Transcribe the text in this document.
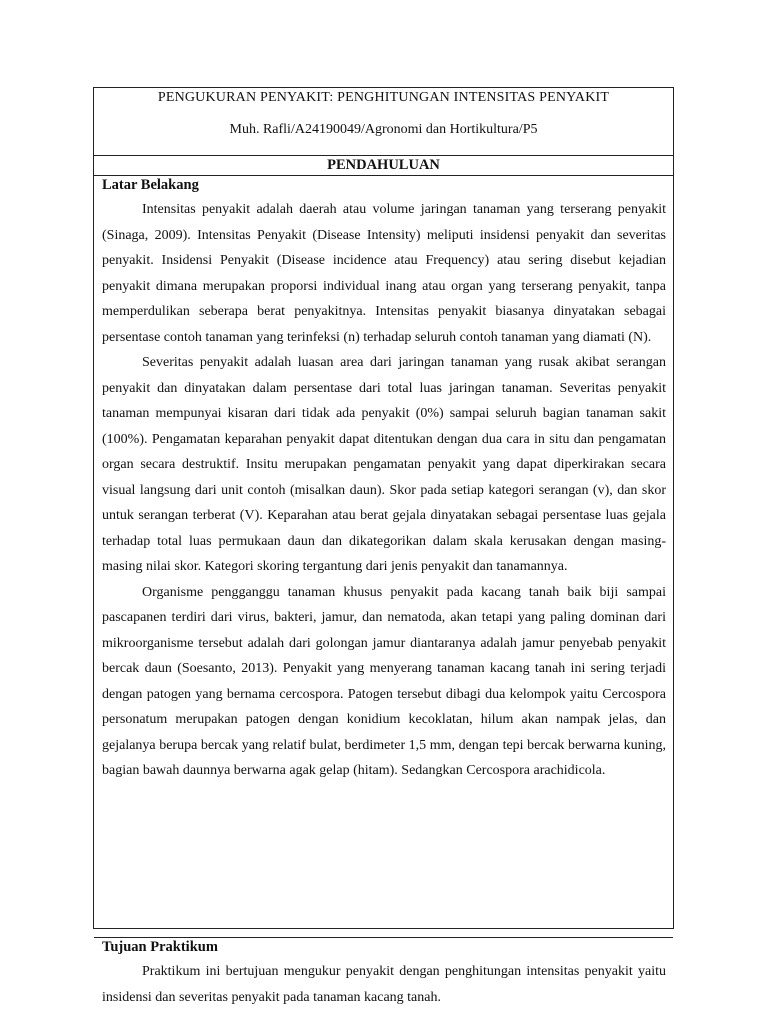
PENGUKURAN PENYAKIT: PENGHITUNGAN INTENSITAS PENYAKIT
Muh. Rafli/A24190049/Agronomi dan Hortikultura/P5
PENDAHULUAN
Latar Belakang

Intensitas penyakit adalah daerah atau volume jaringan tanaman yang terserang penyakit (Sinaga, 2009). Intensitas Penyakit (Disease Intensity) meliputi insidensi penyakit dan severitas penyakit. Insidensi Penyakit (Disease incidence atau Frequency) atau sering disebut kejadian penyakit dimana merupakan proporsi individual inang atau organ yang terserang penyakit, tanpa memperdulikan seberapa berat penyakitnya. Intensitas penyakit biasanya dinyatakan sebagai persentase contoh tanaman yang terinfeksi (n) terhadap seluruh contoh tanaman yang diamati (N).

Severitas penyakit adalah luasan area dari jaringan tanaman yang rusak akibat serangan penyakit dan dinyatakan dalam persentase dari total luas jaringan tanaman. Severitas penyakit tanaman mempunyai kisaran dari tidak ada penyakit (0%) sampai seluruh bagian tanaman sakit (100%). Pengamatan keparahan penyakit dapat ditentukan dengan dua cara in situ dan pengamatan organ secara destruktif. Insitu merupakan pengamatan penyakit yang dapat diperkirakan secara visual langsung dari unit contoh (misalkan daun). Skor pada setiap kategori serangan (v), dan skor untuk serangan terberat (V). Keparahan atau berat gejala dinyatakan sebagai persentase luas gejala terhadap total luas permukaan daun dan dikategorikan dalam skala kerusakan dengan masing-masing nilai skor. Kategori skoring tergantung dari jenis penyakit dan tanamannya.

Organisme pengganggu tanaman khusus penyakit pada kacang tanah baik biji sampai pascapanen terdiri dari virus, bakteri, jamur, dan nematoda, akan tetapi yang paling dominan dari mikroorganisme tersebut adalah dari golongan jamur diantaranya adalah jamur penyebab penyakit bercak daun (Soesanto, 2013). Penyakit yang menyerang tanaman kacang tanah ini sering terjadi dengan patogen yang bernama cercospora. Patogen tersebut dibagi dua kelompok yaitu Cercospora personatum merupakan patogen dengan konidium kecoklatan, hilum akan nampak jelas, dan gejalanya berupa bercak yang relatif bulat, berdimeter 1,5 mm, dengan tepi bercak berwarna kuning, bagian bawah daunnya berwarna agak gelap (hitam). Sedangkan Cercospora arachidicola.

Tujuan Praktikum

Praktikum ini bertujuan mengukur penyakit dengan penghitungan intensitas penyakit yaitu insidensi dan severitas penyakit pada tanaman kacang tanah.
